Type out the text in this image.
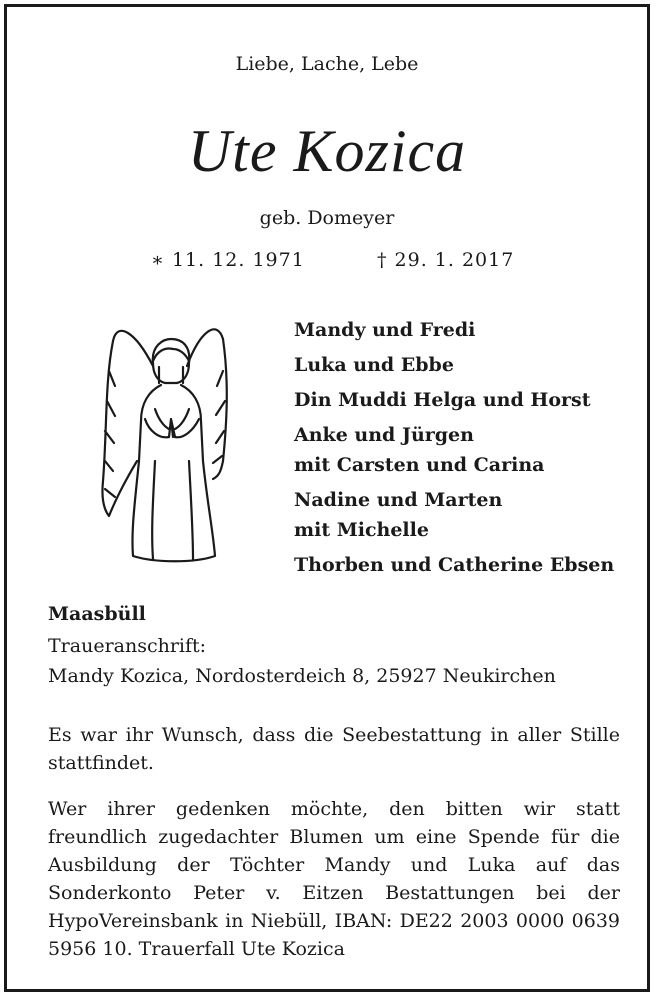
Liebe, Lache, Lebe
Ute Kozica
geb. Domeyer
∗ 11. 12. 1971	† 29. 1. 2017
Mandy und Fredi
Luka und Ebbe
Din Muddi Helga und Horst
Anke und Jürgen
mit Carsten und Carina
Nadine und Marten
mit Michelle
Thorben und Catherine Ebsen
Maasbüll
Traueranschrift:
Mandy Kozica, Nordosterdeich 8, 25927 Neukirchen

Es war ihr Wunsch, dass die Seebestattung in aller Stille stattfindet.

Wer ihrer gedenken möchte, den bitten wir statt freundlich zugedachter Blumen um eine Spende für die Ausbildung der Töchter Mandy und Luka auf das Sonderkonto Peter v. Eitzen Bestattungen bei der HypoVereinsbank in Niebüll, IBAN: DE22 2003 0000 0639 5956 10. Trauerfall Ute Kozica
